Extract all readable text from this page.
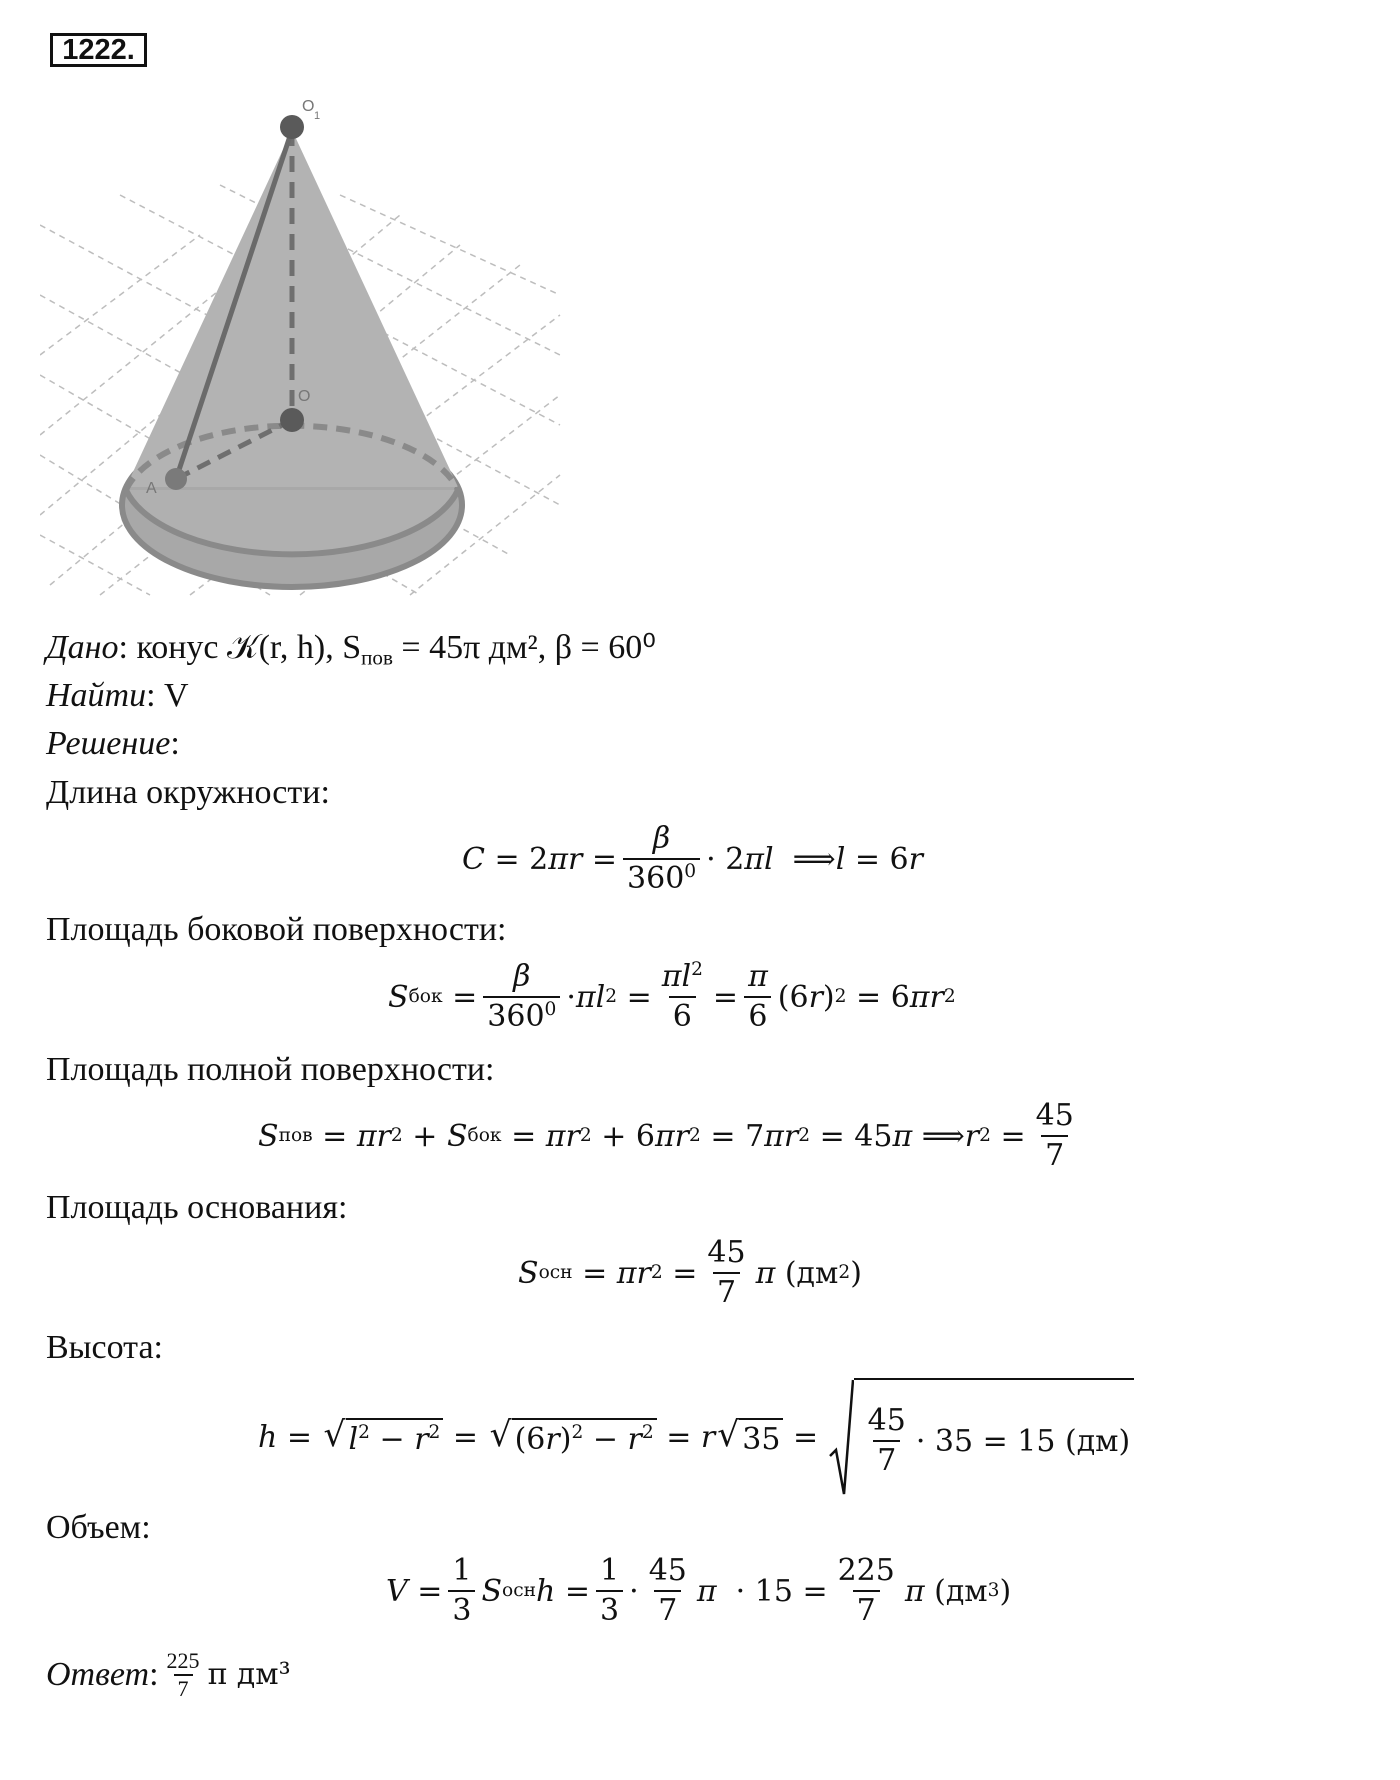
1222.
O
1
O
A
Дано: конус 𝒦(r, h), $S_{пов} = 45\pi$ дм², β = 60⁰
Найти: V
Решение:
Длина окружности:
C = 2 $\pi r = \frac{\beta}{360^0} \cdot 2$ πl ⟹ l = 6 r
Площадь боковой поверхности:
S бок = $\frac{\beta}{360^0} \cdot \pi l$ $2 = \frac{\pi l^2}{6} = \frac{\pi}{6} (6$ r ) 2 = 6 πr 2
Площадь полной поверхности:
S пов = πr 2 + S бок = πr 2 + 6 πr 2 = 7 πr 2 = 45 π ⟹ r $2 = \frac{45}{7}$
Площадь основания:
S осн = πr $2 = \frac{45}{7}$ π (дм 2 )
Высота:
h = √ $l^2 - r^2$ = √ $(6r)^2 - r^2 = r$ √ $35 = \frac{45}{7} \cdot 35 = 15$ (дм)
Объем:
$V = \frac{1}{3}$ S осн $h = \frac{1}{3} \cdot \frac{45}{7}$ $\pi \cdot 15 = \frac{225}{7}$ π (дм 3 )
Ответ : $\frac{225}{7}$ π дм³
